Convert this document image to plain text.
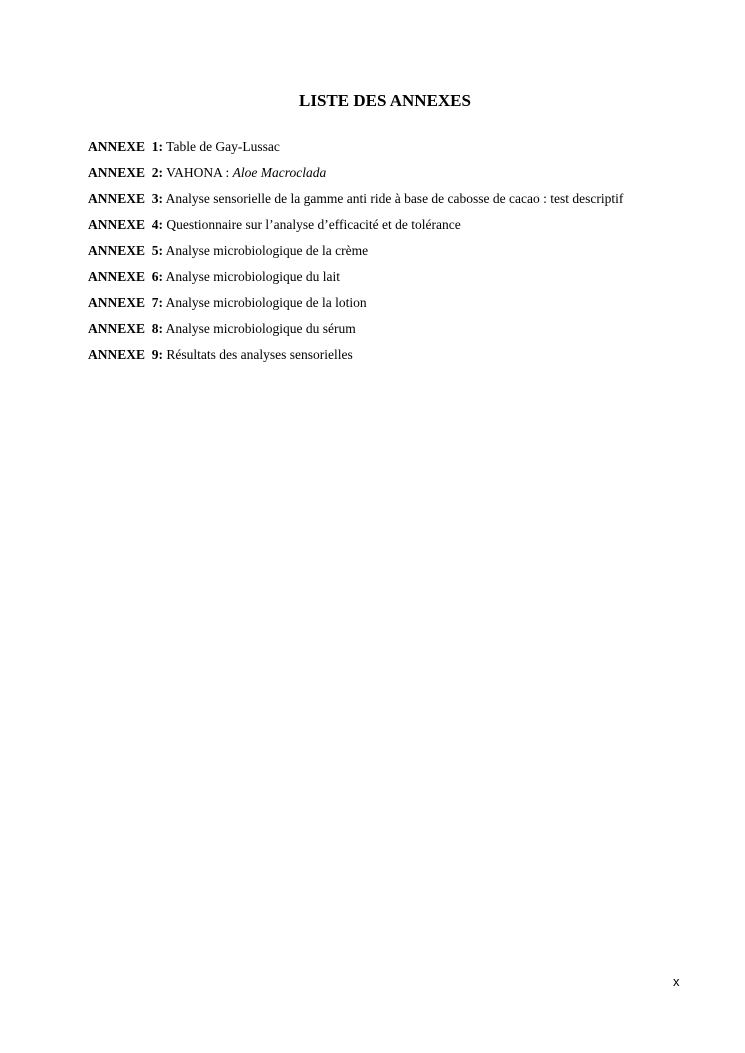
LISTE DES ANNEXES
ANNEXE 1: Table de Gay-Lussac
ANNEXE 2: VAHONA : Aloe Macroclada
ANNEXE 3: Analyse sensorielle de la gamme anti ride à base de cabosse de cacao : test descriptif
ANNEXE 4: Questionnaire sur l’analyse d’efficacité et de tolérance
ANNEXE 5: Analyse microbiologique de la crème
ANNEXE 6: Analyse microbiologique du lait
ANNEXE 7: Analyse microbiologique de la lotion
ANNEXE 8: Analyse microbiologique du sérum
ANNEXE 9: Résultats des analyses sensorielles
x
